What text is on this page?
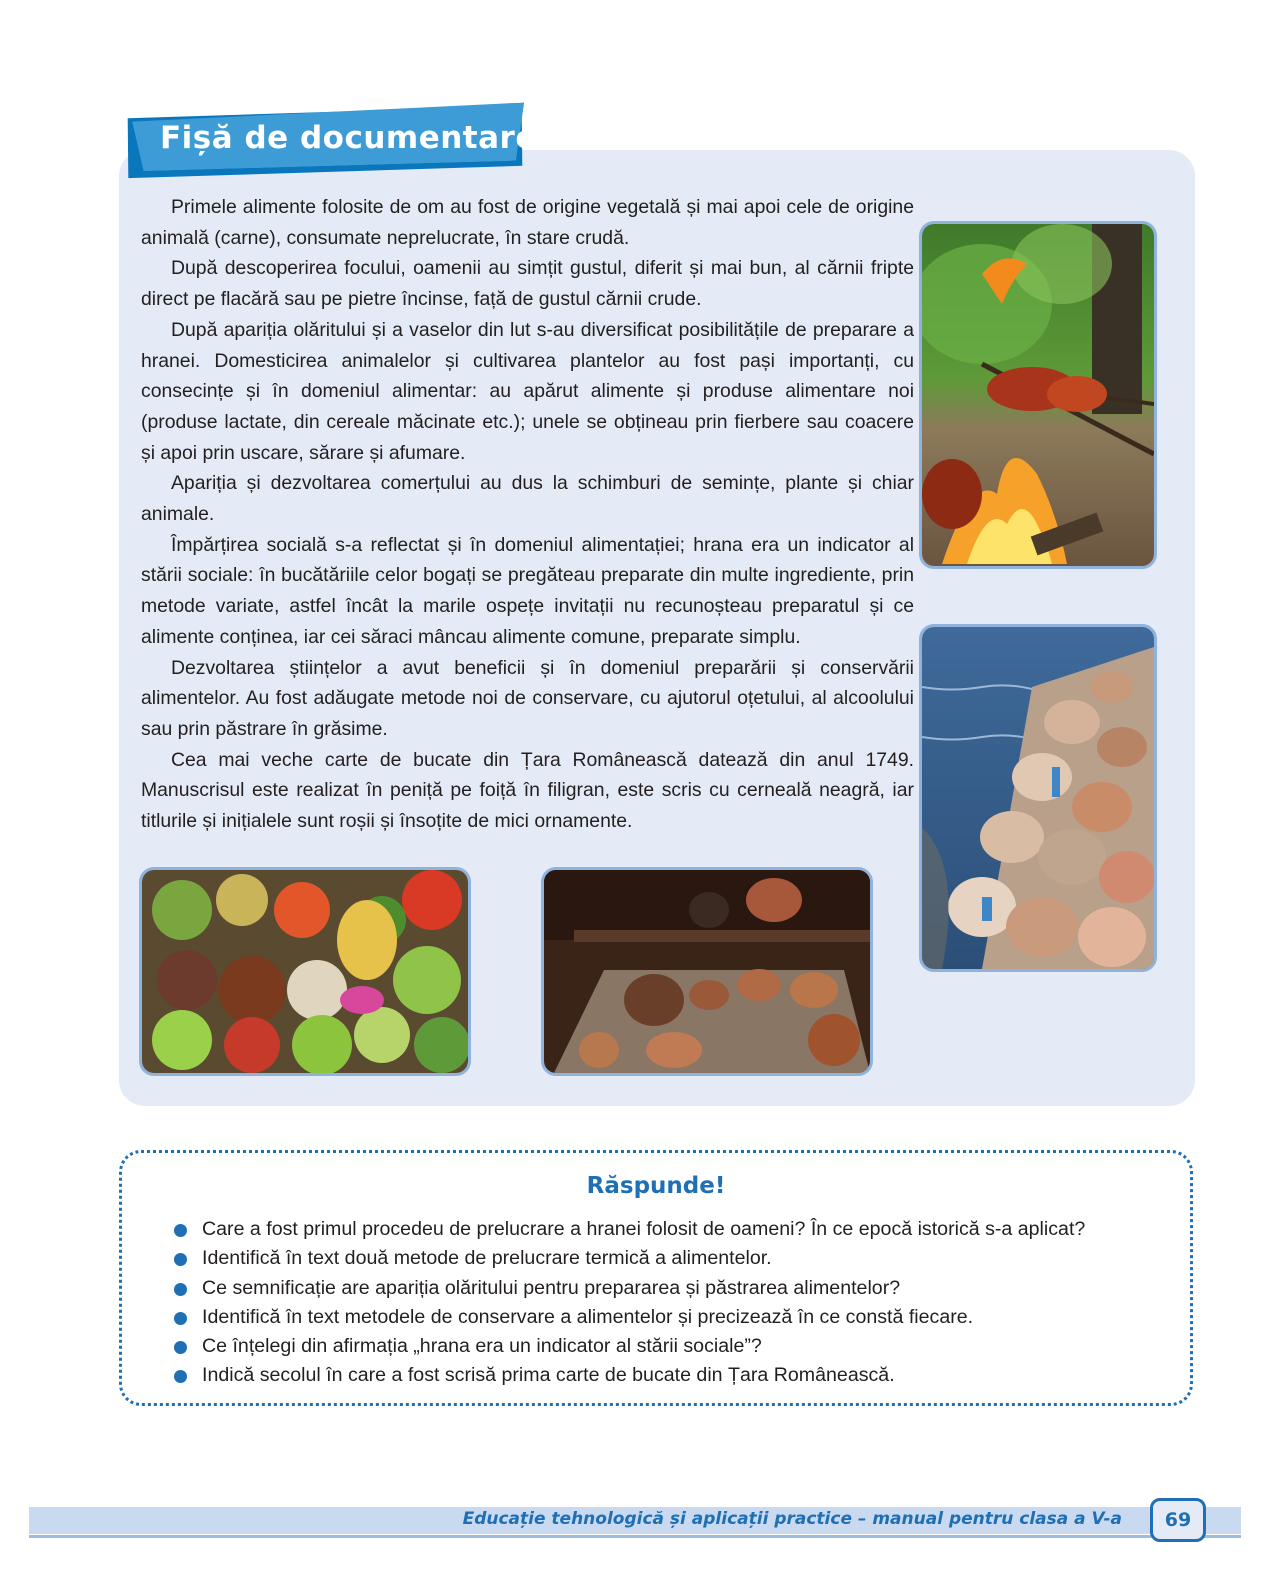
Fișă de documentare

Primele alimente folosite de om au fost de origine vegetală și mai apoi cele de origine animală (carne), consumate neprelucrate, în stare crudă.

După descoperirea focului, oamenii au simțit gustul, diferit și mai bun, al cărnii fripte direct pe flacără sau pe pietre încinse, față de gustul cărnii crude.

După apariția olăritului și a vaselor din lut s-au diversificat posibilitățile de preparare a hranei. Domesticirea animalelor și cultivarea plantelor au fost pași importanți, cu consecințe și în domeniul alimentar: au apărut alimente și produse alimentare noi (produse lactate, din cereale măcinate etc.); unele se obțineau prin fierbere sau coacere și apoi prin uscare, sărare și afumare.

Apariția și dezvoltarea comerțului au dus la schimburi de semințe, plante și chiar animale.

Împărțirea socială s-a reflectat și în domeniul alimentației; hrana era un indicator al stării sociale: în bucătăriile celor bogați se pregăteau preparate din multe ingrediente, prin metode variate, astfel încât la marile ospețe invitații nu recunoșteau preparatul și ce alimente conținea, iar cei săraci mâncau alimente comune, preparate simplu.

Dezvoltarea științelor a avut beneficii și în domeniul preparării și conservării alimentelor. Au fost adăugate metode noi de conservare, cu ajutorul oțetului, al alcoolului sau prin păstrare în grăsime.

Cea mai veche carte de bucate din Țara Românească datează din anul 1749. Manuscrisul este realizat în peniță pe foiță în filigran, este scris cu cerneală neagră, iar titlurile și inițialele sunt roșii și însoțite de mici ornamente.

Răspunde!
Care a fost primul procedeu de prelucrare a hranei folosit de oameni? În ce epocă istorică s-a aplicat?
Identifică în text două metode de prelucrare termică a alimentelor.
Ce semnificație are apariția olăritului pentru prepararea și păstrarea alimentelor?
Identifică în text metodele de conservare a alimentelor și precizează în ce constă fiecare.
Ce înțelegi din afirmația „hrana era un indicator al stării sociale”?
Indică secolul în care a fost scrisă prima carte de bucate din Țara Românească.
Educație tehnologică și aplicații practice – manual pentru clasa a V-a	69
